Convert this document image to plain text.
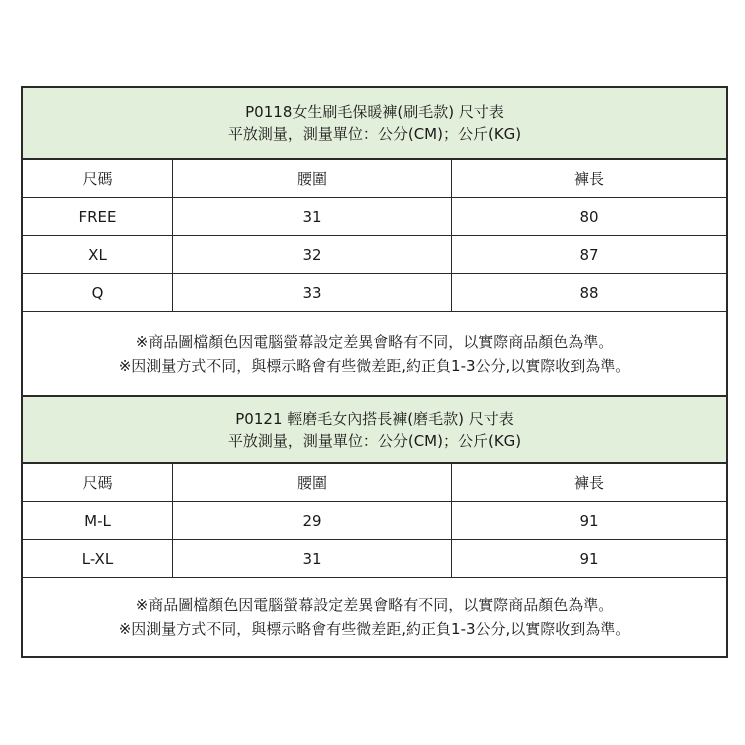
P0118女生刷毛保暖褲(刷毛款) 尺寸表
平放測量，測量單位：公分(CM)；公斤(KG)
尺碼	腰圍	褲長
FREE	31	80
XL	32	87
Q	33	88
※商品圖檔顏色因電腦螢幕設定差異會略有不同，以實際商品顏色為準。
※因測量方式不同，與標示略會有些微差距,約正負1-3公分,以實際收到為準。
P0121 輕磨毛女內搭長褲(磨毛款) 尺寸表
平放測量，測量單位：公分(CM)；公斤(KG)
尺碼	腰圍	褲長
M-L	29	91
L-XL	31	91
※商品圖檔顏色因電腦螢幕設定差異會略有不同，以實際商品顏色為準。
※因測量方式不同，與標示略會有些微差距,約正負1-3公分,以實際收到為準。
